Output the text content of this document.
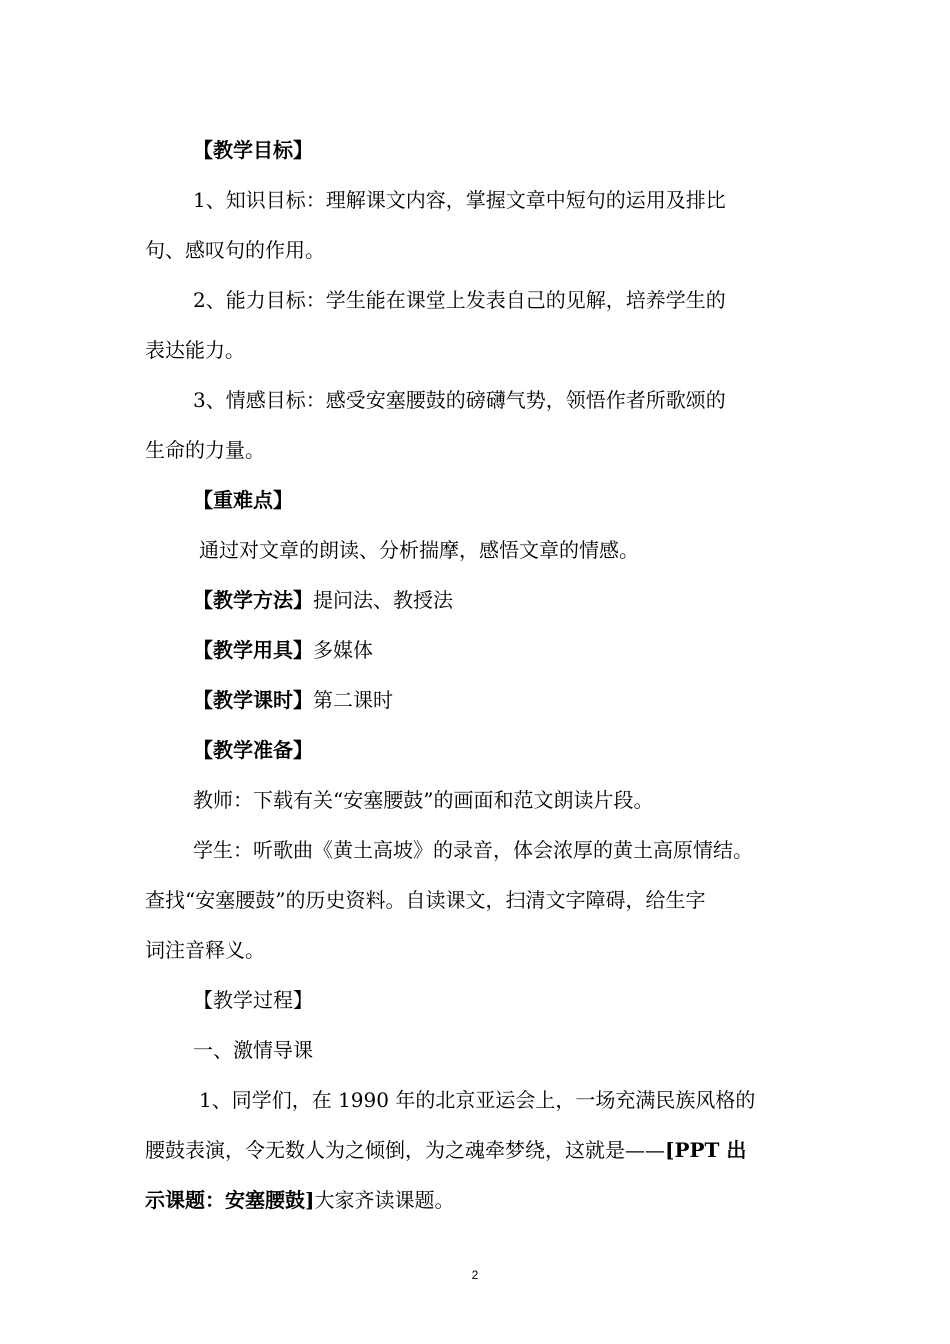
【教学目标】
1、知识目标：理解课文内容，掌握文章中短句的运用及排比
句、感叹句的作用。
2、能力目标：学生能在课堂上发表自己的见解，培养学生的
表达能力。
3、情感目标：感受安塞腰鼓的磅礴气势，领悟作者所歌颂的
生命的力量。
【重难点】
通过对文章的朗读、分析揣摩，感悟文章的情感。
【教学方法】提问法、教授法
【教学用具】多媒体
【教学课时】第二课时
【教学准备】
教师：下载有关“安塞腰鼓”的画面和范文朗读片段。
学生：听歌曲《黄土高坡》的录音，体会浓厚的黄土高原情结。
查找“安塞腰鼓”的历史资料。自读课文，扫清文字障碍，给生字
词注音释义。
【教学过程】
一、激情导课
1、同学们，在 1990 年的北京亚运会上，一场充满民族风格的
腰鼓表演，令无数人为之倾倒，为之魂牵梦绕，这就是——[PPT 出
示课题：安塞腰鼓]大家齐读课题。
2
